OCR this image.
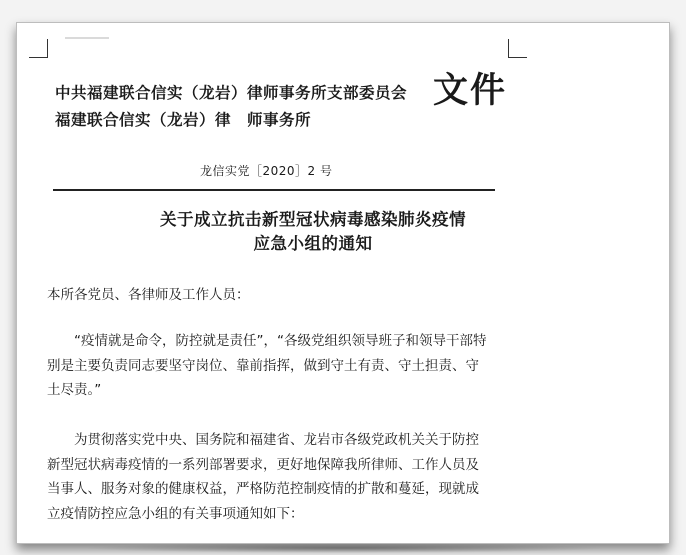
中共福建联合信实（龙岩）律师事务所支部委员会
福建联合信实（龙岩）律　师事务所
文件
龙信实党［2020］2 号
关于成立抗击新型冠状病毒感染肺炎疫情
应急小组的通知
本所各党员、各律师及工作人员：
“疫情就是命令，防控就是责任”，“各级党组织领导班子和领导干部特
别是主要负责同志要坚守岗位、靠前指挥，做到守土有责、守土担责、守
土尽责。”
为贯彻落实党中央、国务院和福建省、龙岩市各级党政机关关于防控
新型冠状病毒疫情的一系列部署要求，更好地保障我所律师、工作人员及
当事人、服务对象的健康权益，严格防范控制疫情的扩散和蔓延，现就成
立疫情防控应急小组的有关事项通知如下：
